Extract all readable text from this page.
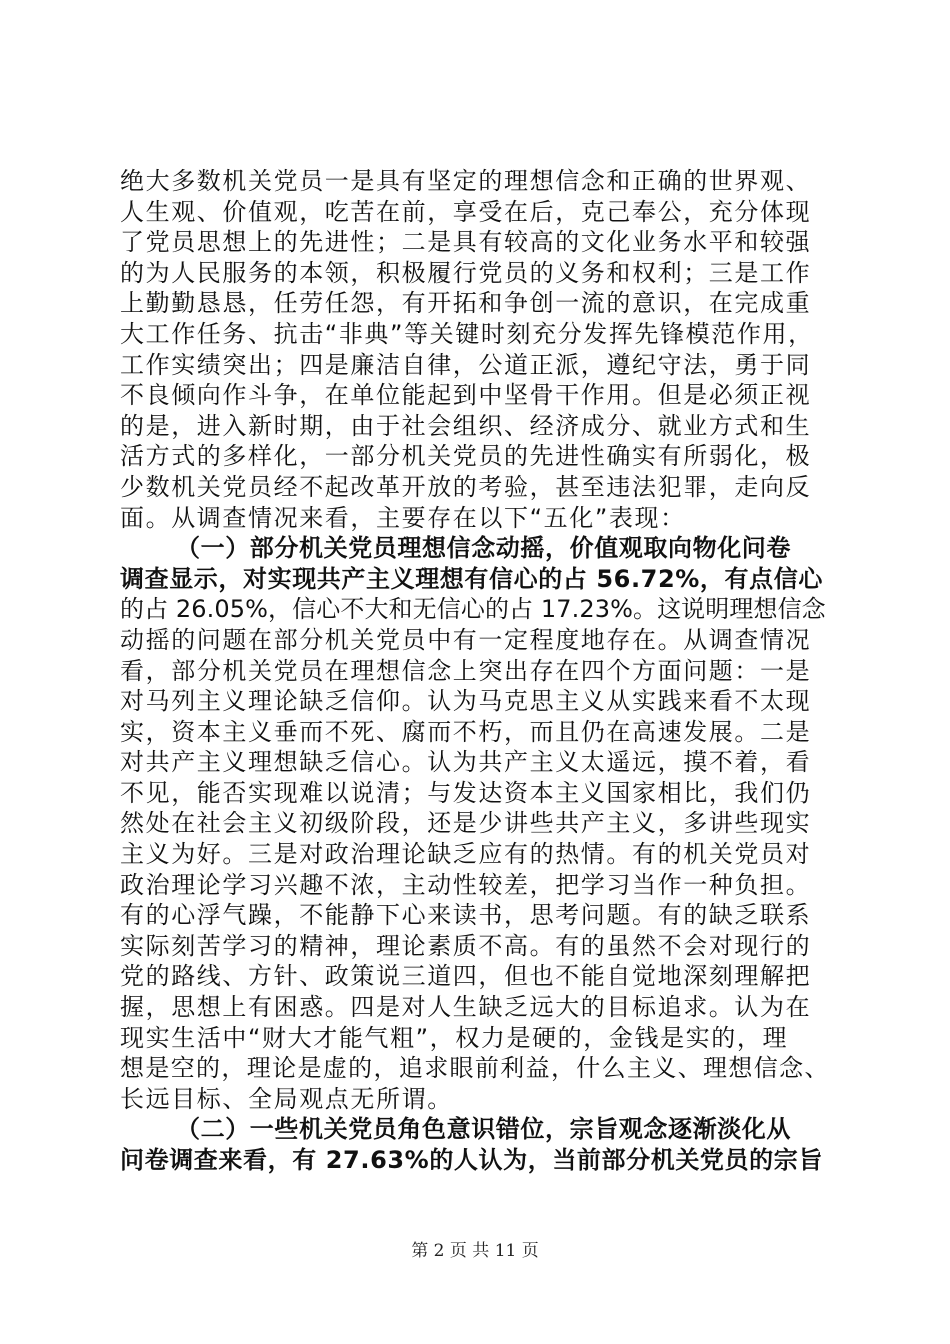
绝大多数机关党员一是具有坚定的理想信念和正确的世界观、
人生观、价值观，吃苦在前，享受在后，克己奉公，充分体现
了党员思想上的先进性；二是具有较高的文化业务水平和较强
的为人民服务的本领，积极履行党员的义务和权利；三是工作
上勤勤恳恳，任劳任怨，有开拓和争创一流的意识，在完成重
大工作任务、抗击“非典”等关键时刻充分发挥先锋模范作用，
工作实绩突出；四是廉洁自律，公道正派，遵纪守法，勇于同
不良倾向作斗争，在单位能起到中坚骨干作用。但是必须正视
的是，进入新时期，由于社会组织、经济成分、就业方式和生
活方式的多样化，一部分机关党员的先进性确实有所弱化，极
少数机关党员经不起改革开放的考验，甚至违法犯罪，走向反
面。从调查情况来看，主要存在以下“五化”表现：
（一）部分机关党员理想信念动摇，价值观取向物化问卷
调查显示，对实现共产主义理想有信心的占 56.72%，有点信心
的占 26.05%，信心不大和无信心的占 17.23%。这说明理想信念
动摇的问题在部分机关党员中有一定程度地存在。从调查情况
看，部分机关党员在理想信念上突出存在四个方面问题：一是
对马列主义理论缺乏信仰。认为马克思主义从实践来看不太现
实，资本主义垂而不死、腐而不朽，而且仍在高速发展。二是
对共产主义理想缺乏信心。认为共产主义太遥远，摸不着，看
不见，能否实现难以说清；与发达资本主义国家相比，我们仍
然处在社会主义初级阶段，还是少讲些共产主义，多讲些现实
主义为好。三是对政治理论缺乏应有的热情。有的机关党员对
政治理论学习兴趣不浓，主动性较差，把学习当作一种负担。
有的心浮气躁，不能静下心来读书，思考问题。有的缺乏联系
实际刻苦学习的精神，理论素质不高。有的虽然不会对现行的
党的路线、方针、政策说三道四，但也不能自觉地深刻理解把
握，思想上有困惑。四是对人生缺乏远大的目标追求。认为在
现实生活中“财大才能气粗”，权力是硬的，金钱是实的，理
想是空的，理论是虚的，追求眼前利益，什么主义、理想信念、
长远目标、全局观点无所谓。
（二）一些机关党员角色意识错位，宗旨观念逐渐淡化从
问卷调查来看，有 27.63%的人认为，当前部分机关党员的宗旨
第 2 页 共 11 页
